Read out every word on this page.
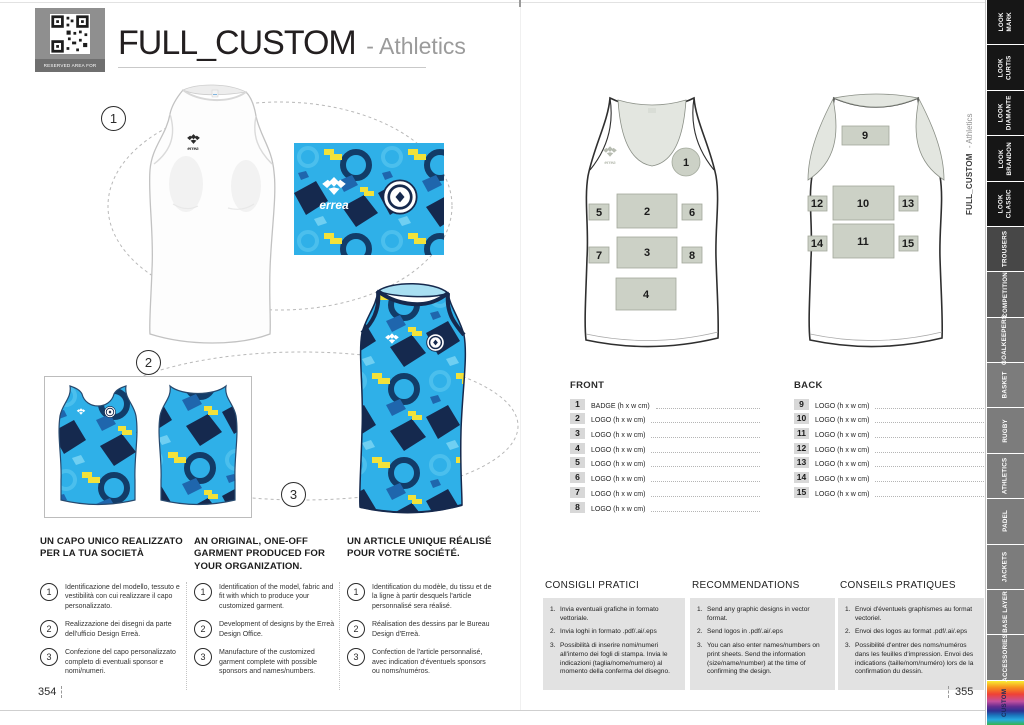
RESERVED AREA FOR RESELLERS
FULL_CUSTOM - Athletics
1
2
3
errea
errea
errea	1
2
5	6
3
7	8
4
9
10
12	13
11
14	15
FRONT
1	BADGE (h x w cm)
2	LOGO (h x w cm)
3	LOGO (h x w cm)
4	LOGO (h x w cm)
5	LOGO (h x w cm)
6	LOGO (h x w cm)
7	LOGO (h x w cm)
8	LOGO (h x w cm)
BACK
9	LOGO (h x w cm)
10	LOGO (h x w cm)
11	LOGO (h x w cm)
12	LOGO (h x w cm)
13	LOGO (h x w cm)
14	LOGO (h x w cm)
15	LOGO (h x w cm)
UN CAPO UNICO REALIZZATO PER LA TUA SOCIETÀ
1	Identificazione del modello, tessuto e vestibilità con cui realizzare il capo personalizzato.
2	Realizzazione dei disegni da parte dell'ufficio Design Erreà.
3	Confezione del capo personalizzato completo di eventuali sponsor e nomi/numeri.
AN ORIGINAL, ONE-OFF GARMENT PRODUCED FOR YOUR ORGANIZATION.
1	Identification of the model, fabric and fit with which to produce your customized garment.
2	Development of designs by the Erreà Design Office.
3	Manufacture of the customized garment complete with possible sponsors and names/numbers.
UN ARTICLE UNIQUE RÉALISÉ POUR VOTRE SOCIÉTÉ.
1	Identification du modèle, du tissu et de la ligne à partir desquels l'article personnalisé sera réalisé.
2	Réalisation des dessins par le Bureau Design d'Erreà.
3	Confection de l'article personnalisé, avec indication d'éventuels sponsors ou noms/numéros.
CONSIGLI PRATICI
1. Invia eventuali grafiche in formato vettoriale.
2. Invia loghi in formato .pdf/.ai/.eps
3. Possibilità di inserire nomi/numeri all'interno dei fogli di stampa. Invia le indicazioni (taglia/nome/numero) al momento della conferma del disegno.
RECOMMENDATIONS
1. Send any graphic designs in vector format.
2. Send logos in .pdf/.ai/.eps
3. You can also enter names/numbers on print sheets. Send the information (size/name/number) at the time of confirming the design.
CONSEILS PRATIQUES
1. Envoi d'éventuels graphismes au format vectoriel.
2. Envoi des logos au format .pdf/.ai/.eps
3. Possibilité d'entrer des noms/numéros dans les feuilles d'impression. Envoi des indications (taille/nom/numéro) lors de la confirmation du dessin.
354	355
FULL_CUSTOM - Athletics
LOOK MARK
LOOK CURTIS
LOOK DIAMANTE
LOOK BRANDON
LOOK CLASSIC
TROUSERS
COMPETITION
GOALKEEPERS
BASKET
RUGBY
ATHLETICS
PADEL
JACKETS
BASE LAYER
ACCESSORIES
CUSTOM
